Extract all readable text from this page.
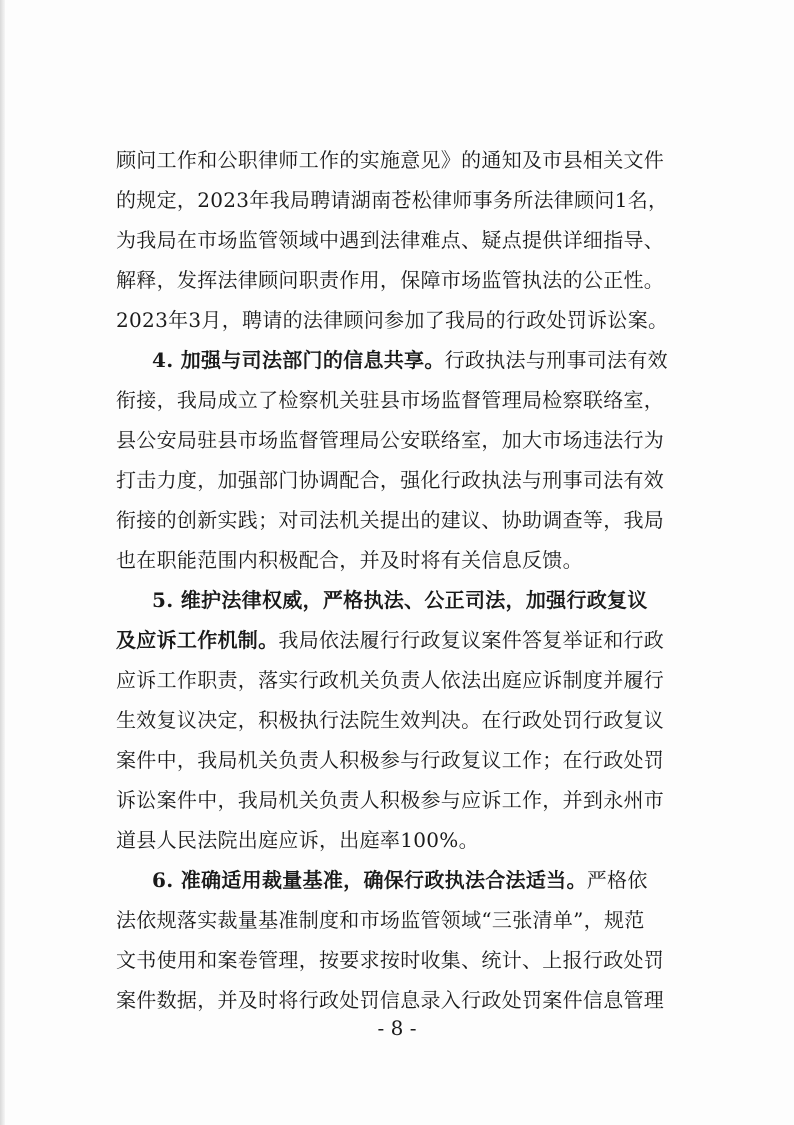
顾问工作和公职律师工作的实施意见》的通知及市县相关文件
的规定，2023年我局聘请湖南苍松律师事务所法律顾问1名，
为我局在市场监管领域中遇到法律难点、疑点提供详细指导、
解释，发挥法律顾问职责作用，保障市场监管执法的公正性。
2023年3月，聘请的法律顾问参加了我局的行政处罚诉讼案。
4. 加强与司法部门的信息共享。行政执法与刑事司法有效
衔接，我局成立了检察机关驻县市场监督管理局检察联络室，
县公安局驻县市场监督管理局公安联络室，加大市场违法行为
打击力度，加强部门协调配合，强化行政执法与刑事司法有效
衔接的创新实践；对司法机关提出的建议、协助调查等，我局
也在职能范围内积极配合，并及时将有关信息反馈。
5. 维护法律权威，严格执法、公正司法，加强行政复议
及应诉工作机制。我局依法履行行政复议案件答复举证和行政
应诉工作职责，落实行政机关负责人依法出庭应诉制度并履行
生效复议决定，积极执行法院生效判决。在行政处罚行政复议
案件中，我局机关负责人积极参与行政复议工作；在行政处罚
诉讼案件中，我局机关负责人积极参与应诉工作，并到永州市
道县人民法院出庭应诉，出庭率100%。
6. 准确适用裁量基准，确保行政执法合法适当。严格依
法依规落实裁量基准制度和市场监管领域“三张清单”，规范
文书使用和案卷管理，按要求按时收集、统计、上报行政处罚
案件数据，并及时将行政处罚信息录入行政处罚案件信息管理
- 8 -
